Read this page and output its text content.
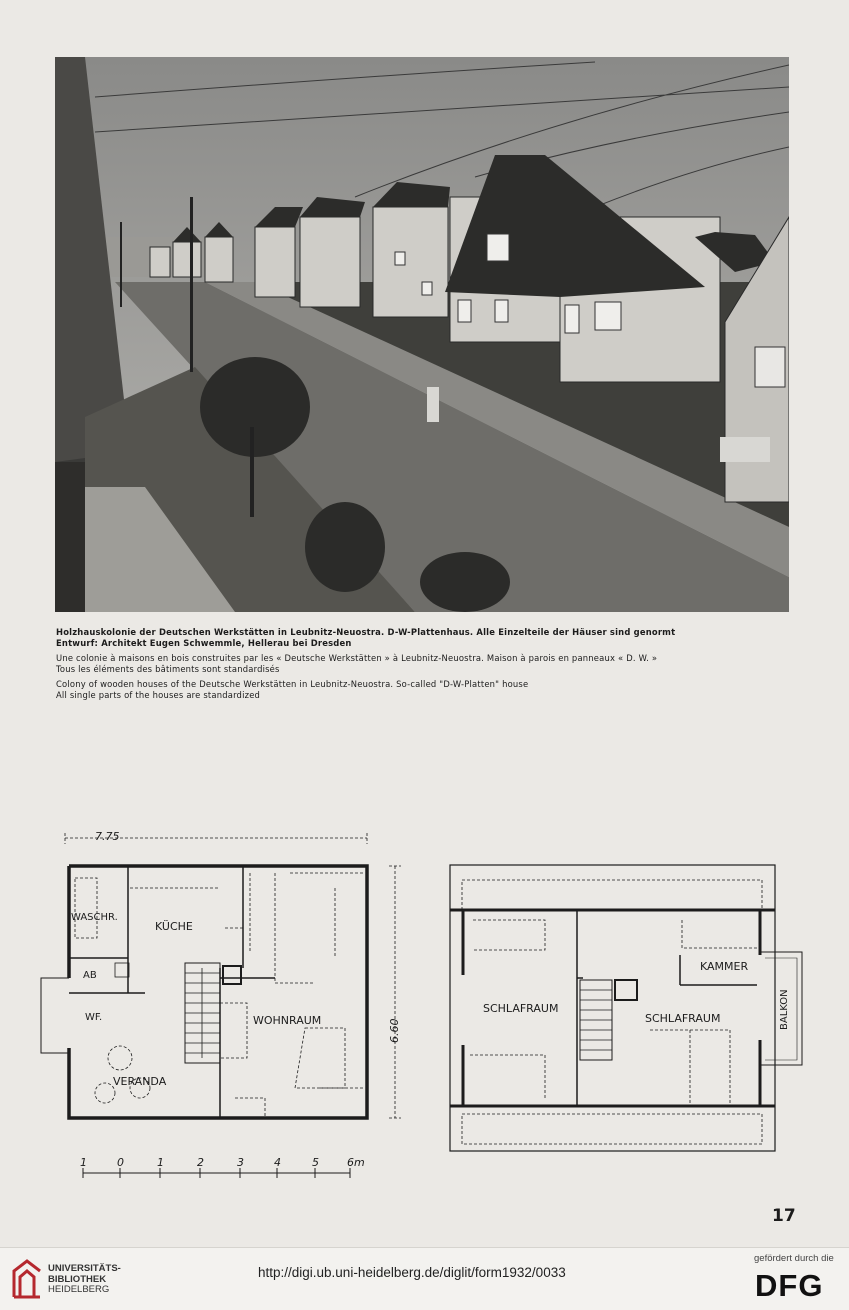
Holzhauskolonie der Deutschen Werkstätten in Leubnitz-Neuostra. D-W-Plattenhaus. Alle Einzelteile der Häuser sind genormt
Entwurf: Architekt Eugen Schwemmle, Hellerau bei Dresden

Une colonie à maisons en bois construites par les « Deutsche Werkstätten » à Leubnitz-Neuostra. Maison à parois en panneaux « D. W. »
Tous les éléments des bâtiments sont standardisés

Colony of wooden houses of the Deutsche Werkstätten in Leubnitz-Neuostra. So-called "D-W-Platten" house
All single parts of the houses are standardized

7.75
6.60
WASCHR.
KÜCHE
AB
WF.	WOHNRAUM
VERANDA
1	0	1	2	3	4	5	6m
SCHLAFRAUM
SCHLAFRAUM
KAMMER
BALKON
17
UNIVERSITÄTS-
BIBLIOTHEK
HEIDELBERG
http://digi.ub.uni-heidelberg.de/diglit/form1932/0033
gefördert durch die
DFG
